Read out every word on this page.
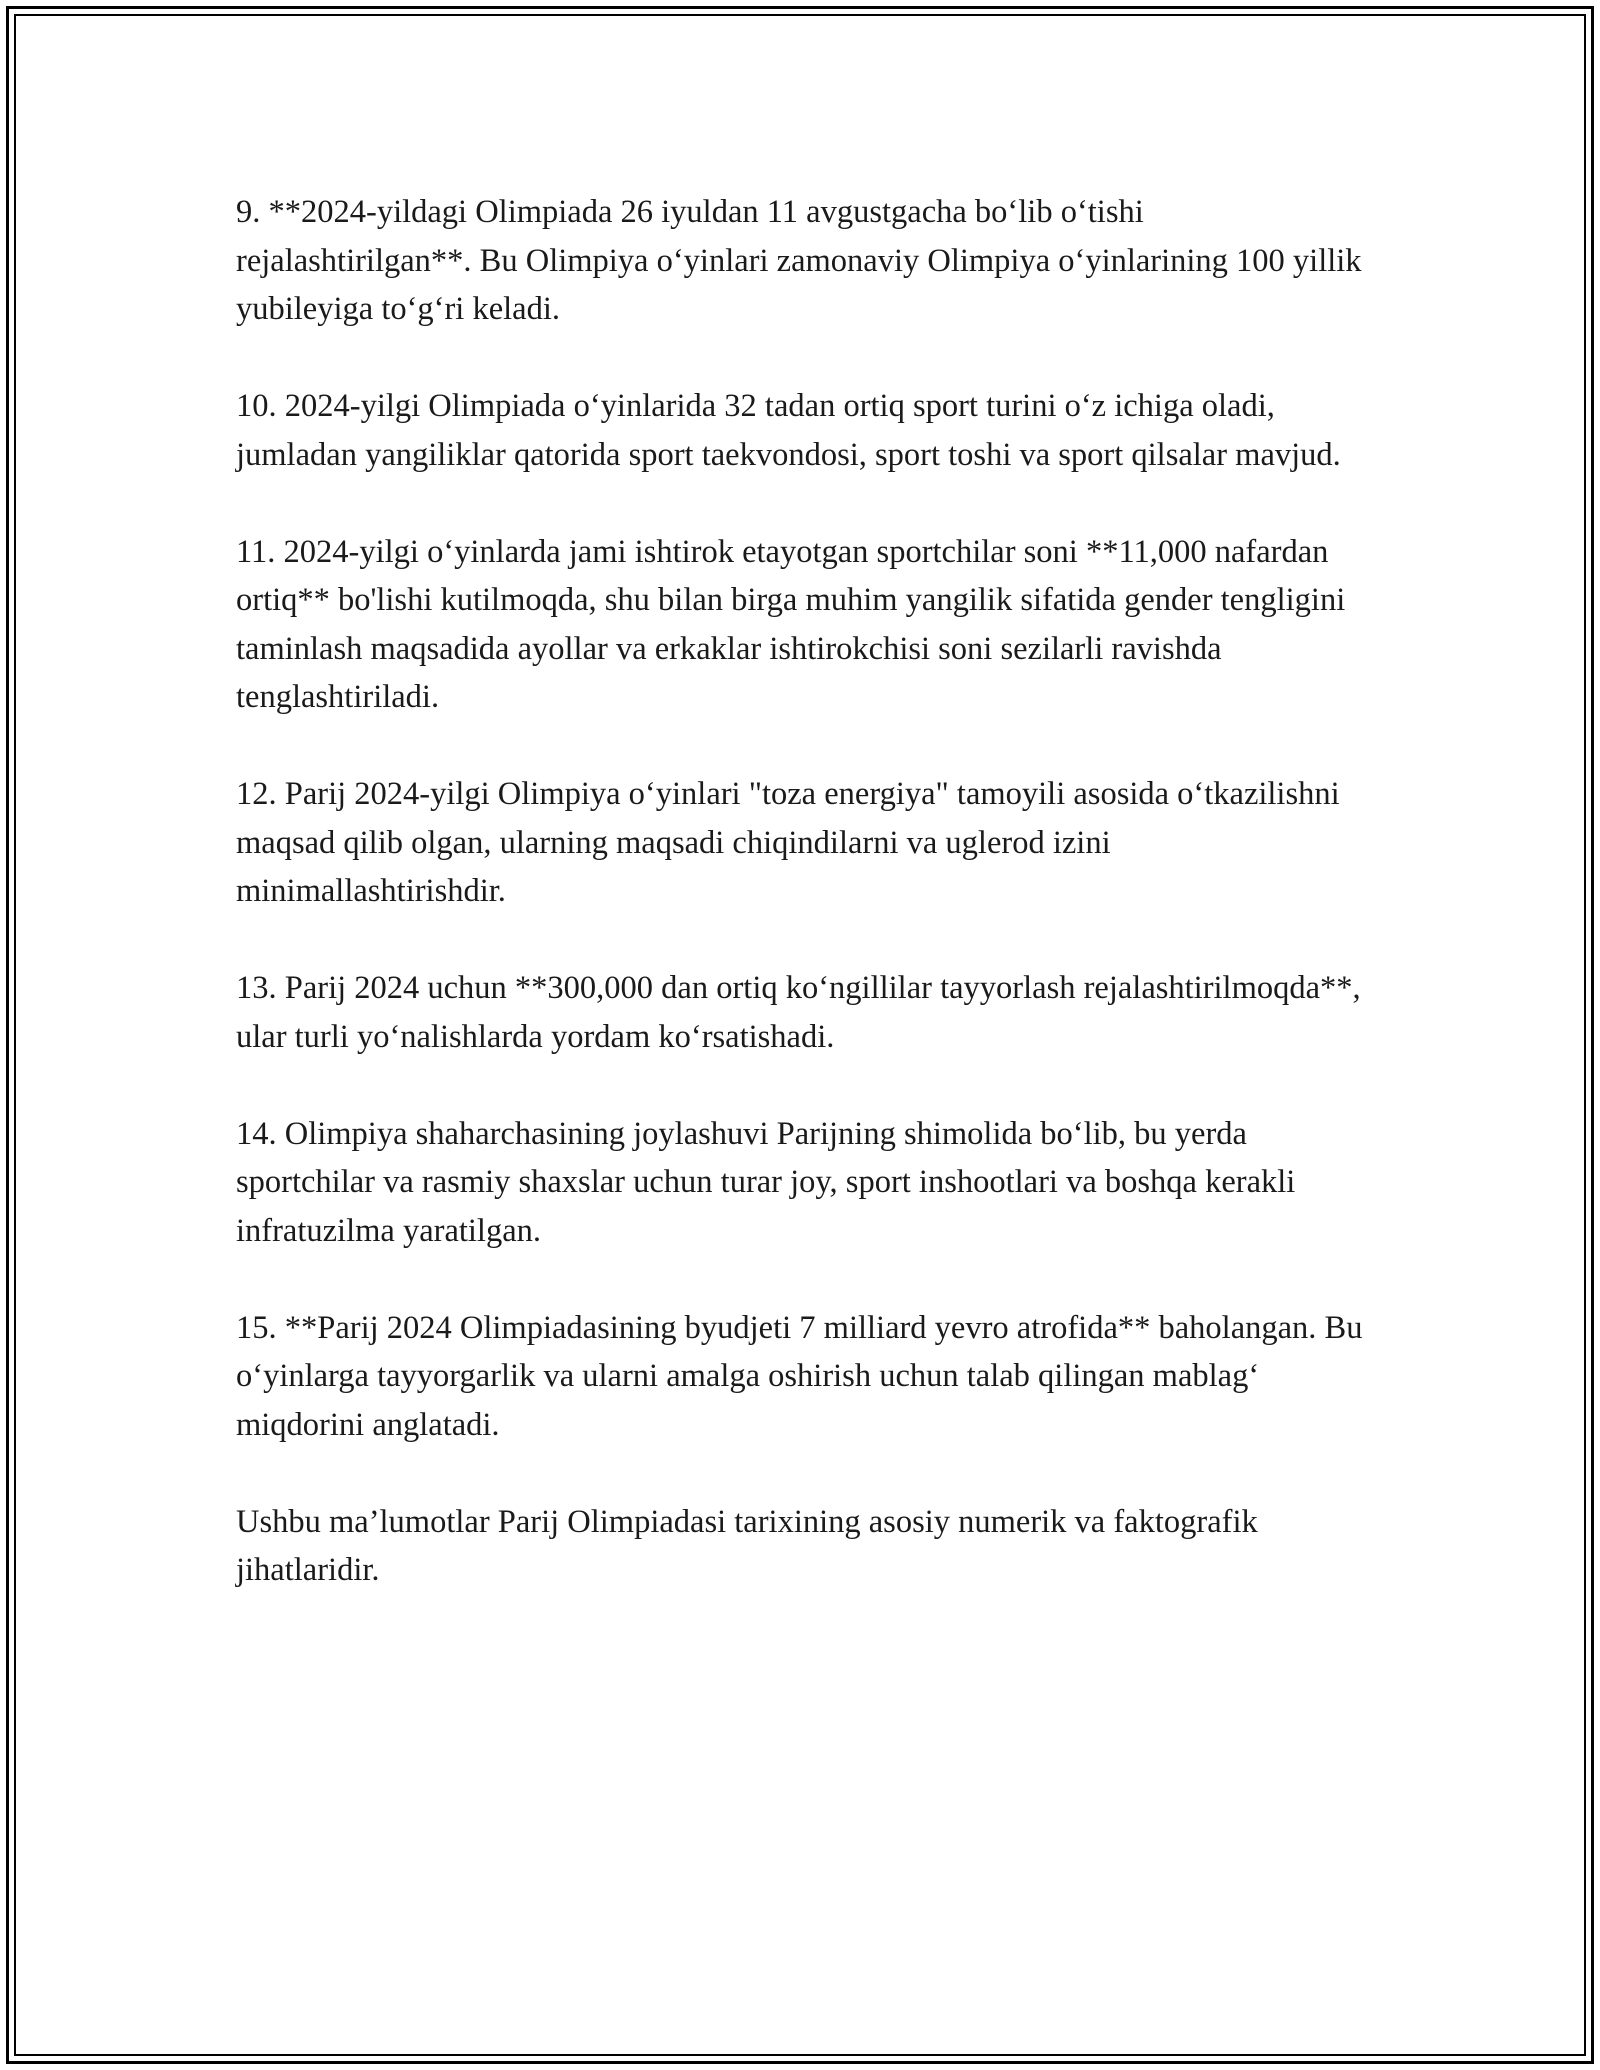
9. **2024-yildagi Olimpiada 26 iyuldan 11 avgustgacha bo‘lib o‘tishi rejalashtirilgan**. Bu Olimpiya o‘yinlari zamonaviy Olimpiya o‘yinlarining 100 yillik yubileyiga to‘g‘ri keladi.

10. 2024-yilgi Olimpiada o‘yinlarida 32 tadan ortiq sport turini o‘z ichiga oladi, jumladan yangiliklar qatorida sport taekvondosi, sport toshi va sport qilsalar mavjud.

11. 2024-yilgi o‘yinlarda jami ishtirok etayotgan sportchilar soni **11,000 nafardan ortiq** bo'lishi kutilmoqda, shu bilan birga muhim yangilik sifatida gender tengligini taminlash maqsadida ayollar va erkaklar ishtirokchisi soni sezilarli ravishda tenglashtiriladi.

12. Parij 2024-yilgi Olimpiya o‘yinlari "toza energiya" tamoyili asosida o‘tkazilishni maqsad qilib olgan, ularning maqsadi chiqindilarni va uglerod izini minimallashtirishdir.

13. Parij 2024 uchun **300,000 dan ortiq ko‘ngillilar tayyorlash rejalashtirilmoqda**, ular turli yo‘nalishlarda yordam ko‘rsatishadi.

14. Olimpiya shaharchasining joylashuvi Parijning shimolida bo‘lib, bu yerda sportchilar va rasmiy shaxslar uchun turar joy, sport inshootlari va boshqa kerakli infratuzilma yaratilgan.

15. **Parij 2024 Olimpiadasining byudjeti 7 milliard yevro atrofida** baholangan. Bu o‘yinlarga tayyorgarlik va ularni amalga oshirish uchun talab qilingan mablag‘ miqdorini anglatadi.

Ushbu ma’lumotlar Parij Olimpiadasi tarixining asosiy numerik va faktografik jihatlaridir.
